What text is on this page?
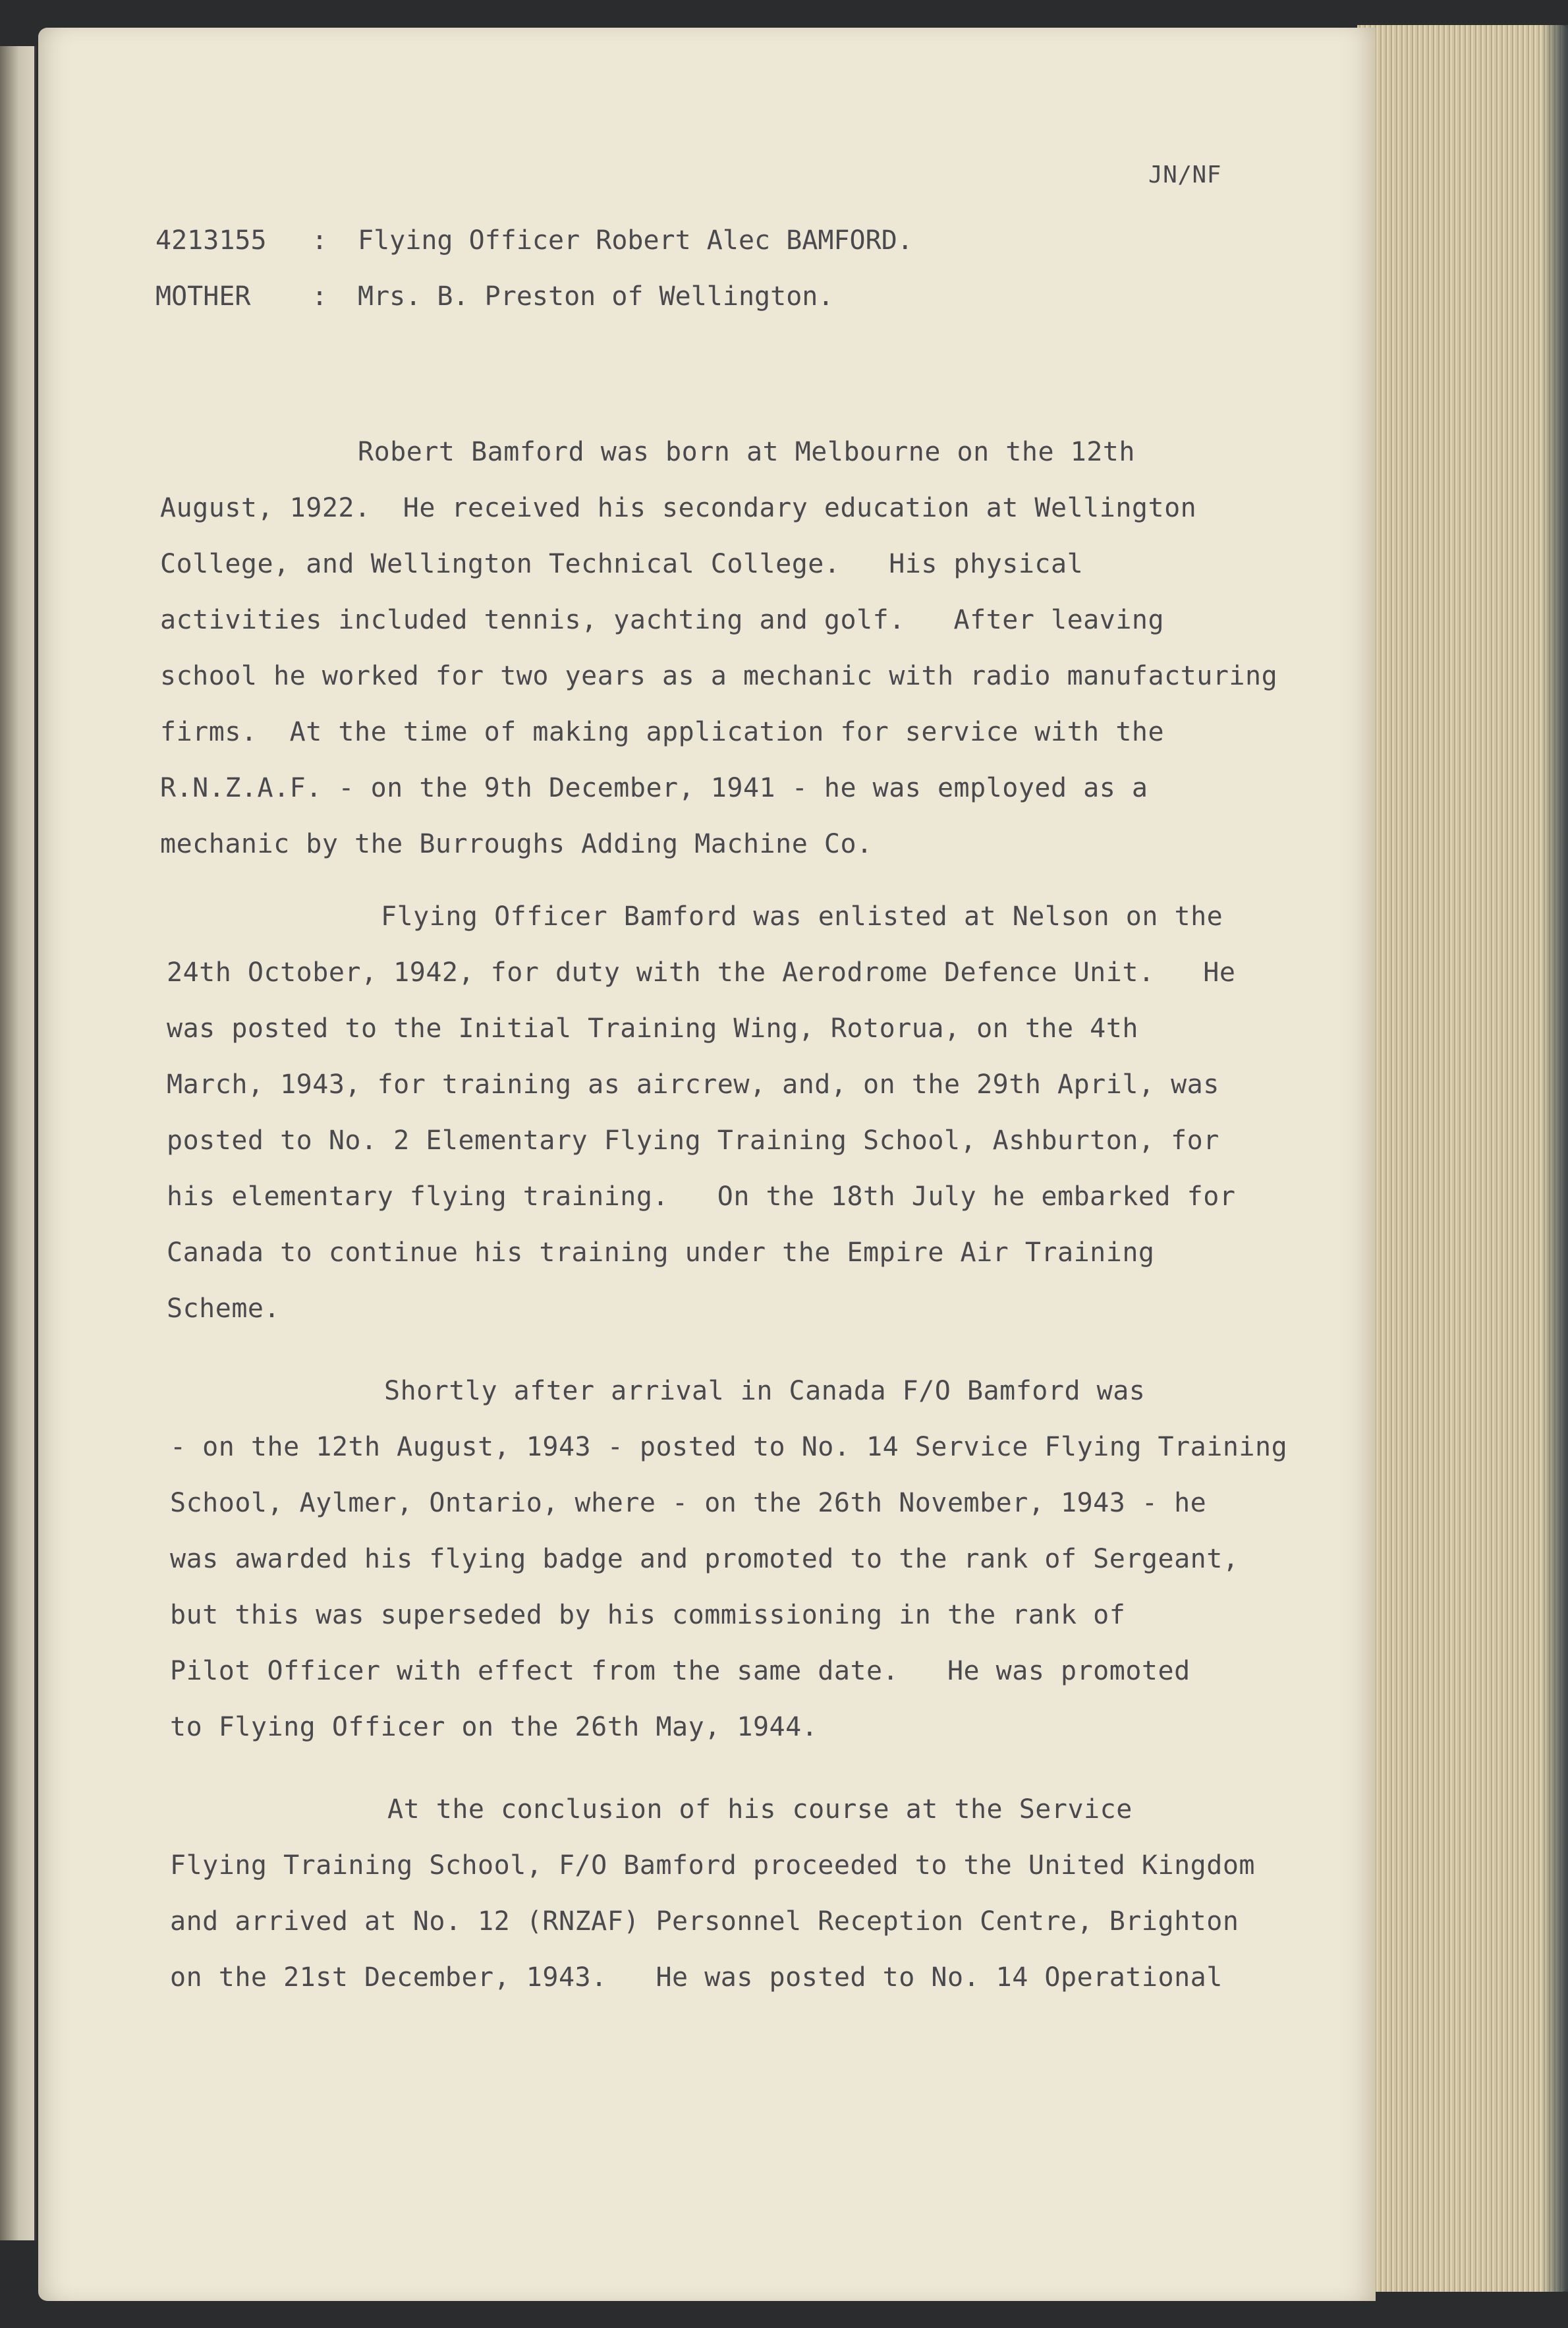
JN/NF

4213155 : Flying Officer Robert Alec BAMFORD.

MOTHER : Mrs. B. Preston of Wellington.

Robert Bamford was born at Melbourne on the 12th

August, 1922.  He received his secondary education at Wellington

College, and Wellington Technical College.   His physical

activities included tennis, yachting and golf.   After leaving

school he worked for two years as a mechanic with radio manufacturing

firms.  At the time of making application for service with the

R.N.Z.A.F. - on the 9th December, 1941 - he was employed as a

mechanic by the Burroughs Adding Machine Co.

Flying Officer Bamford was enlisted at Nelson on the

24th October, 1942, for duty with the Aerodrome Defence Unit.   He

was posted to the Initial Training Wing, Rotorua, on the 4th

March, 1943, for training as aircrew, and, on the 29th April, was

posted to No. 2 Elementary Flying Training School, Ashburton, for

his elementary flying training.   On the 18th July he embarked for

Canada to continue his training under the Empire Air Training

Scheme.

Shortly after arrival in Canada F/O Bamford was

- on the 12th August, 1943 - posted to No. 14 Service Flying Training

School, Aylmer, Ontario, where - on the 26th November, 1943 - he

was awarded his flying badge and promoted to the rank of Sergeant,

but this was superseded by his commissioning in the rank of

Pilot Officer with effect from the same date.   He was promoted

to Flying Officer on the 26th May, 1944.

At the conclusion of his course at the Service

Flying Training School, F/O Bamford proceeded to the United Kingdom

and arrived at No. 12 (RNZAF) Personnel Reception Centre, Brighton

on the 21st December, 1943.   He was posted to No. 14 Operational
